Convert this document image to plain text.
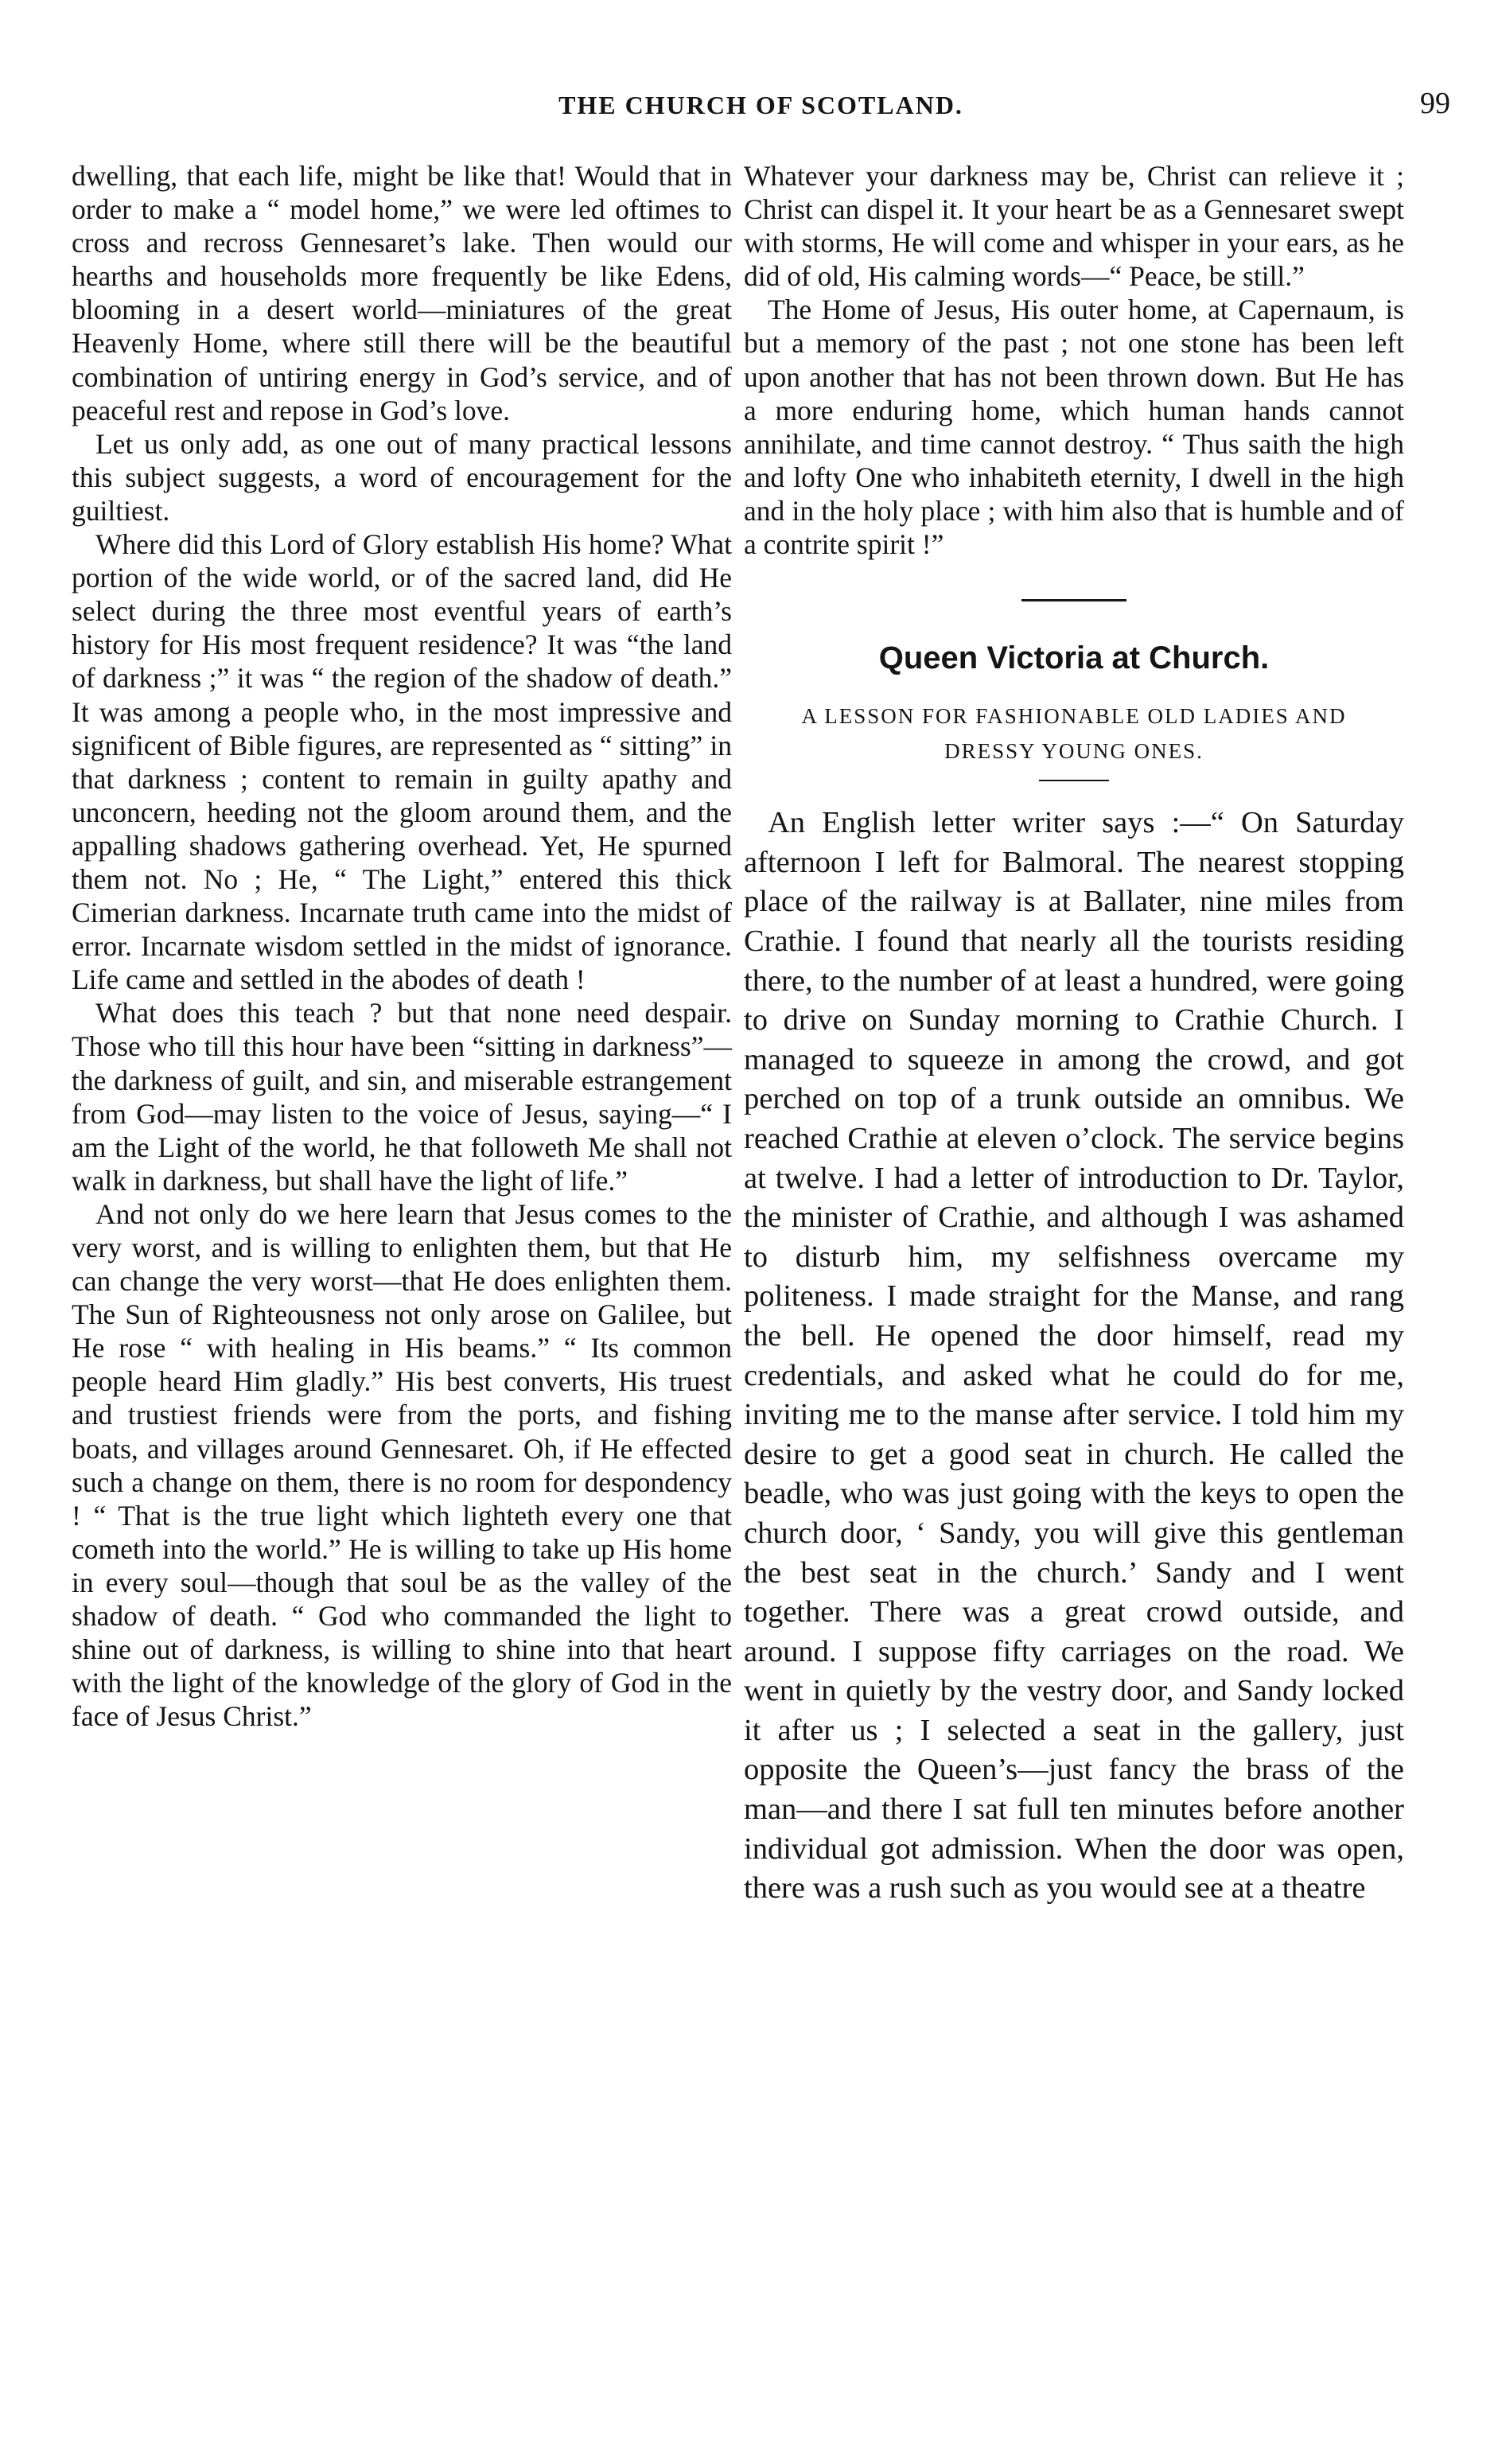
THE CHURCH OF SCOTLAND.	99

dwelling, that each life, might be like that! Would that in order to make a “ model home,” we were led oftimes to cross and recross Gennesaret’s lake. Then would our hearths and households more frequently be like Edens, blooming in a desert world—miniatures of the great Heavenly Home, where still there will be the beautiful combination of untiring energy in God’s service, and of peaceful rest and repose in God’s love.

Let us only add, as one out of many practical lessons this subject suggests, a word of encouragement for the guiltiest.

Where did this Lord of Glory establish His home? What portion of the wide world, or of the sacred land, did He select during the three most eventful years of earth’s history for His most frequent residence? It was “the land of darkness ;” it was “ the region of the shadow of death.” It was among a people who, in the most impressive and significent of Bible figures, are represented as “ sitting” in that darkness ; content to remain in guilty apathy and unconcern, heeding not the gloom around them, and the appalling shadows gathering overhead. Yet, He spurned them not. No ; He, “ The Light,” entered this thick Cimerian darkness. Incarnate truth came into the midst of error. Incarnate wisdom settled in the midst of ignorance. Life came and settled in the abodes of death !

What does this teach ? but that none need despair. Those who till this hour have been “sitting in darkness”—the darkness of guilt, and sin, and miserable estrangement from God—may listen to the voice of Jesus, saying—“ I am the Light of the world, he that followeth Me shall not walk in darkness, but shall have the light of life.”

And not only do we here learn that Jesus comes to the very worst, and is willing to enlighten them, but that He can change the very worst—that He does enlighten them. The Sun of Righteousness not only arose on Galilee, but He rose “ with healing in His beams.” “ Its common people heard Him gladly.” His best converts, His truest and trustiest friends were from the ports, and fishing boats, and villages around Gennesaret. Oh, if He effected such a change on them, there is no room for despondency ! “ That is the true light which lighteth every one that cometh into the world.” He is willing to take up His home in every soul—though that soul be as the valley of the shadow of death. “ God who commanded the light to shine out of darkness, is willing to shine into that heart with the light of the knowledge of the glory of God in the face of Jesus Christ.”

Whatever your darkness may be, Christ can relieve it ; Christ can dispel it. It your heart be as a Gennesaret swept with storms, He will come and whisper in your ears, as he did of old, His calming words—“ Peace, be still.”

The Home of Jesus, His outer home, at Capernaum, is but a memory of the past ; not one stone has been left upon another that has not been thrown down. But He has a more enduring home, which human hands cannot annihilate, and time cannot destroy. “ Thus saith the high and lofty One who inhabiteth eternity, I dwell in the high and in the holy place ; with him also that is humble and of a contrite spirit !”

Queen Victoria at Church.
A LESSON FOR FASHIONABLE OLD LADIES AND DRESSY YOUNG ONES.

An English letter writer says :—“ On Saturday afternoon I left for Balmoral. The nearest stopping place of the railway is at Ballater, nine miles from Crathie. I found that nearly all the tourists residing there, to the number of at least a hundred, were going to drive on Sunday morning to Crathie Church. I managed to squeeze in among the crowd, and got perched on top of a trunk outside an omnibus. We reached Crathie at eleven o’clock. The service begins at twelve. I had a letter of introduction to Dr. Taylor, the minister of Crathie, and although I was ashamed to disturb him, my selfishness overcame my politeness. I made straight for the Manse, and rang the bell. He opened the door himself, read my credentials, and asked what he could do for me, inviting me to the manse after service. I told him my desire to get a good seat in church. He called the beadle, who was just going with the keys to open the church door, ‘ Sandy, you will give this gentleman the best seat in the church.’ Sandy and I went together. There was a great crowd outside, and around. I suppose fifty carriages on the road. We went in quietly by the vestry door, and Sandy locked it after us ; I selected a seat in the gallery, just opposite the Queen’s—just fancy the brass of the man—and there I sat full ten minutes before another individual got admission. When the door was open, there was a rush such as you would see at a theatre
